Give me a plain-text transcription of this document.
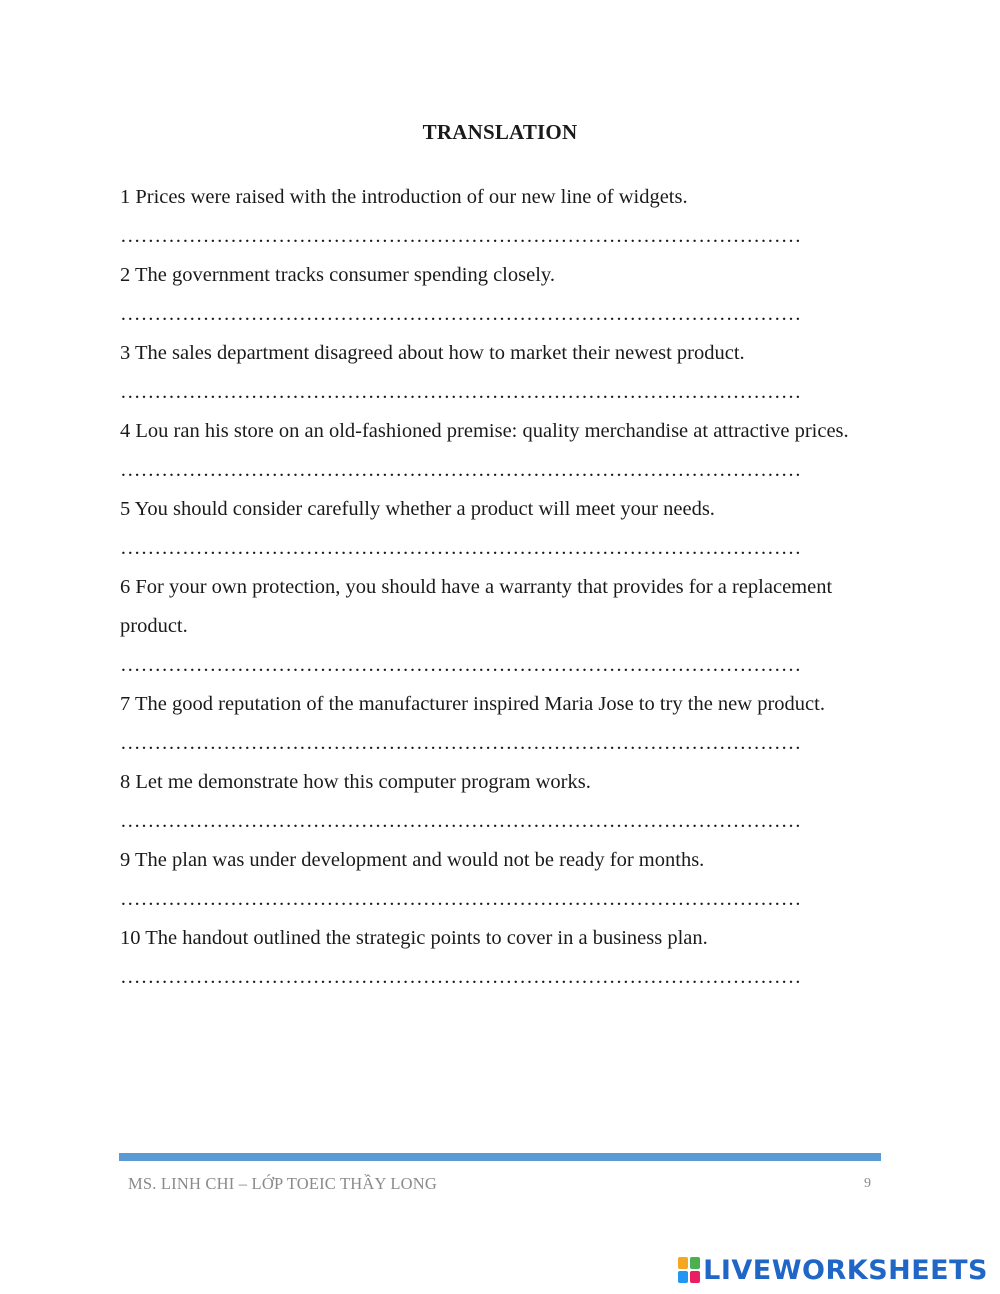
TRANSLATION

1 Prices were raised with the introduction of our new line of widgets.

………………………………………………………………………………………

2 The government tracks consumer spending closely.

………………………………………………………………………………………

3 The sales department disagreed about how to market their newest product.

………………………………………………………………………………………

4 Lou ran his store on an old-fashioned premise: quality merchandise at attractive prices.

………………………………………………………………………………………

5 You should consider carefully whether a product will meet your needs.

………………………………………………………………………………………

6 For your own protection, you should have a warranty that provides for a replacement product.

………………………………………………………………………………………

7 The good reputation of the manufacturer inspired Maria Jose to try the new product.

………………………………………………………………………………………

8 Let me demonstrate how this computer program works.

………………………………………………………………………………………

9 The plan was under development and would not be ready for months.

………………………………………………………………………………………

10 The handout outlined the strategic points to cover in a business plan.

………………………………………………………………………………………
MS. LINH CHI – LỚP TOEIC THẦY LONG	9
LIVEWORKSHEETS
